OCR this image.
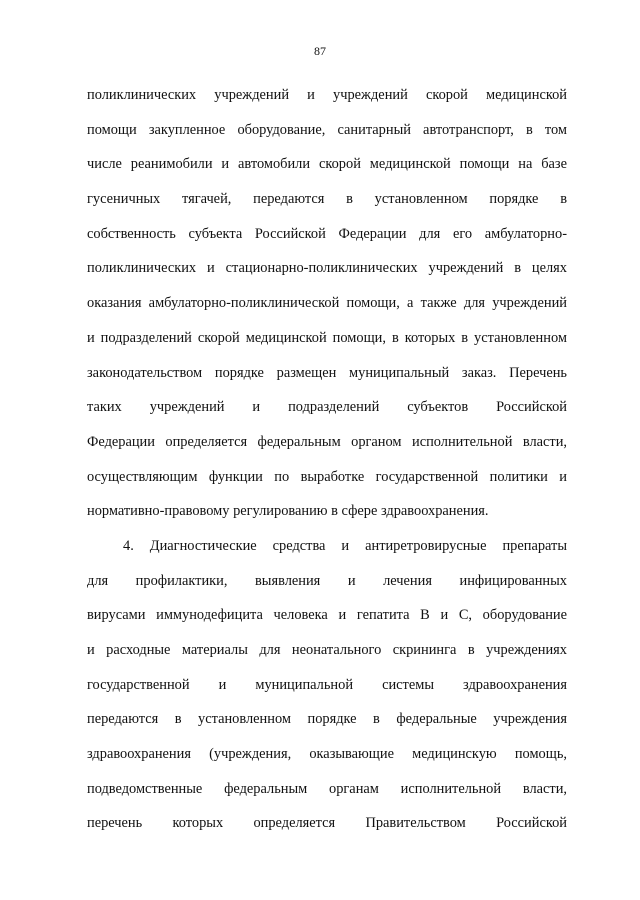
87

поликлинических учреждений и учреждений скорой медицинской
помощи закупленное оборудование, санитарный автотранспорт, в том
числе реанимобили и автомобили скорой медицинской помощи на базе
гусеничных тягачей, передаются в установленном порядке в
собственность субъекта Российской Федерации для его амбулаторно-
поликлинических и стационарно-поликлинических учреждений в целях
оказания амбулаторно-поликлинической помощи, а также для учреждений
и подразделений скорой медицинской помощи, в которых в установленном
законодательством порядке размещен муниципальный заказ. Перечень
таких учреждений и подразделений субъектов Российской
Федерации определяется федеральным органом исполнительной власти,
осуществляющим функции по выработке государственной политики и
нормативно-правовому регулированию в сфере здравоохранения.

4. Диагностические средства и антиретровирусные препараты
для профилактики, выявления и лечения инфицированных
вирусами иммунодефицита человека и гепатита В и С, оборудование
и расходные материалы для неонатального скрининга в учреждениях
государственной и муниципальной системы здравоохранения
передаются в установленном порядке в федеральные учреждения
здравоохранения (учреждения, оказывающие медицинскую помощь,
подведомственные федеральным органам исполнительной власти,
перечень которых определяется Правительством Российской
